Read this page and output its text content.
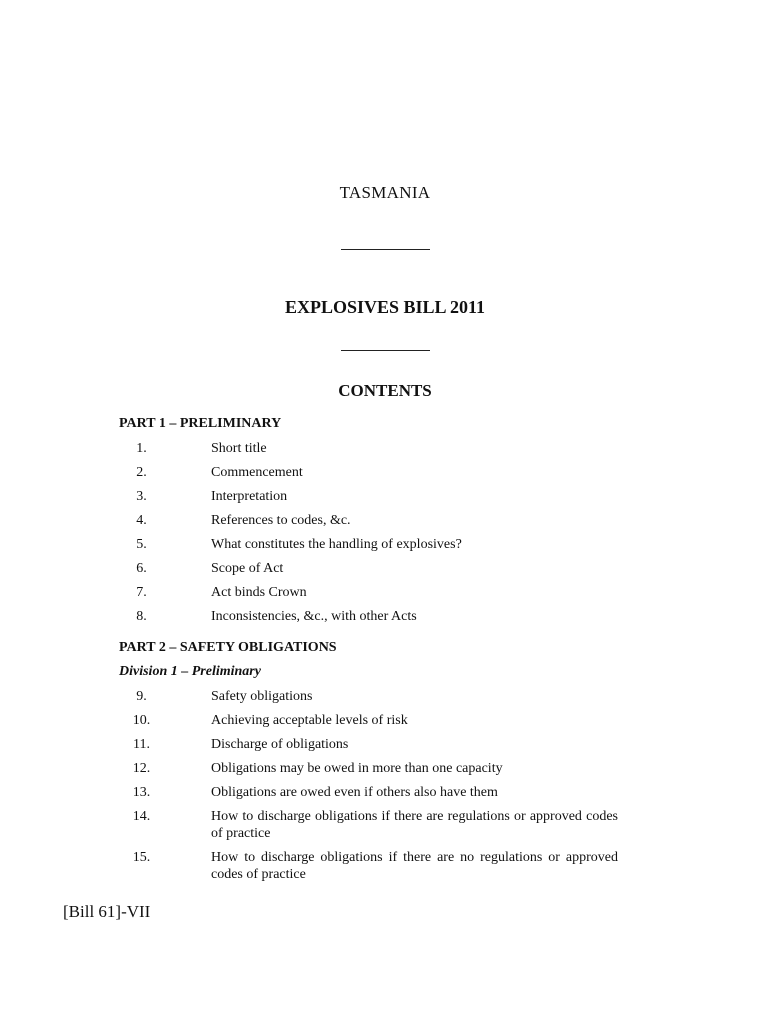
TASMANIA
EXPLOSIVES BILL 2011
CONTENTS
PART 1 – PRELIMINARY
1.	Short title
2.	Commencement
3.	Interpretation
4.	References to codes, &c.
5.	What constitutes the handling of explosives?
6.	Scope of Act
7.	Act binds Crown
8.	Inconsistencies, &c., with other Acts
PART 2 – SAFETY OBLIGATIONS
Division 1 – Preliminary
9.	Safety obligations
10.	Achieving acceptable levels of risk
11.	Discharge of obligations
12.	Obligations may be owed in more than one capacity
13.	Obligations are owed even if others also have them
14.	How to discharge obligations if there are regulations or approved codes of practice
15.	How to discharge obligations if there are no regulations or approved codes of practice
[Bill 61]-VII
